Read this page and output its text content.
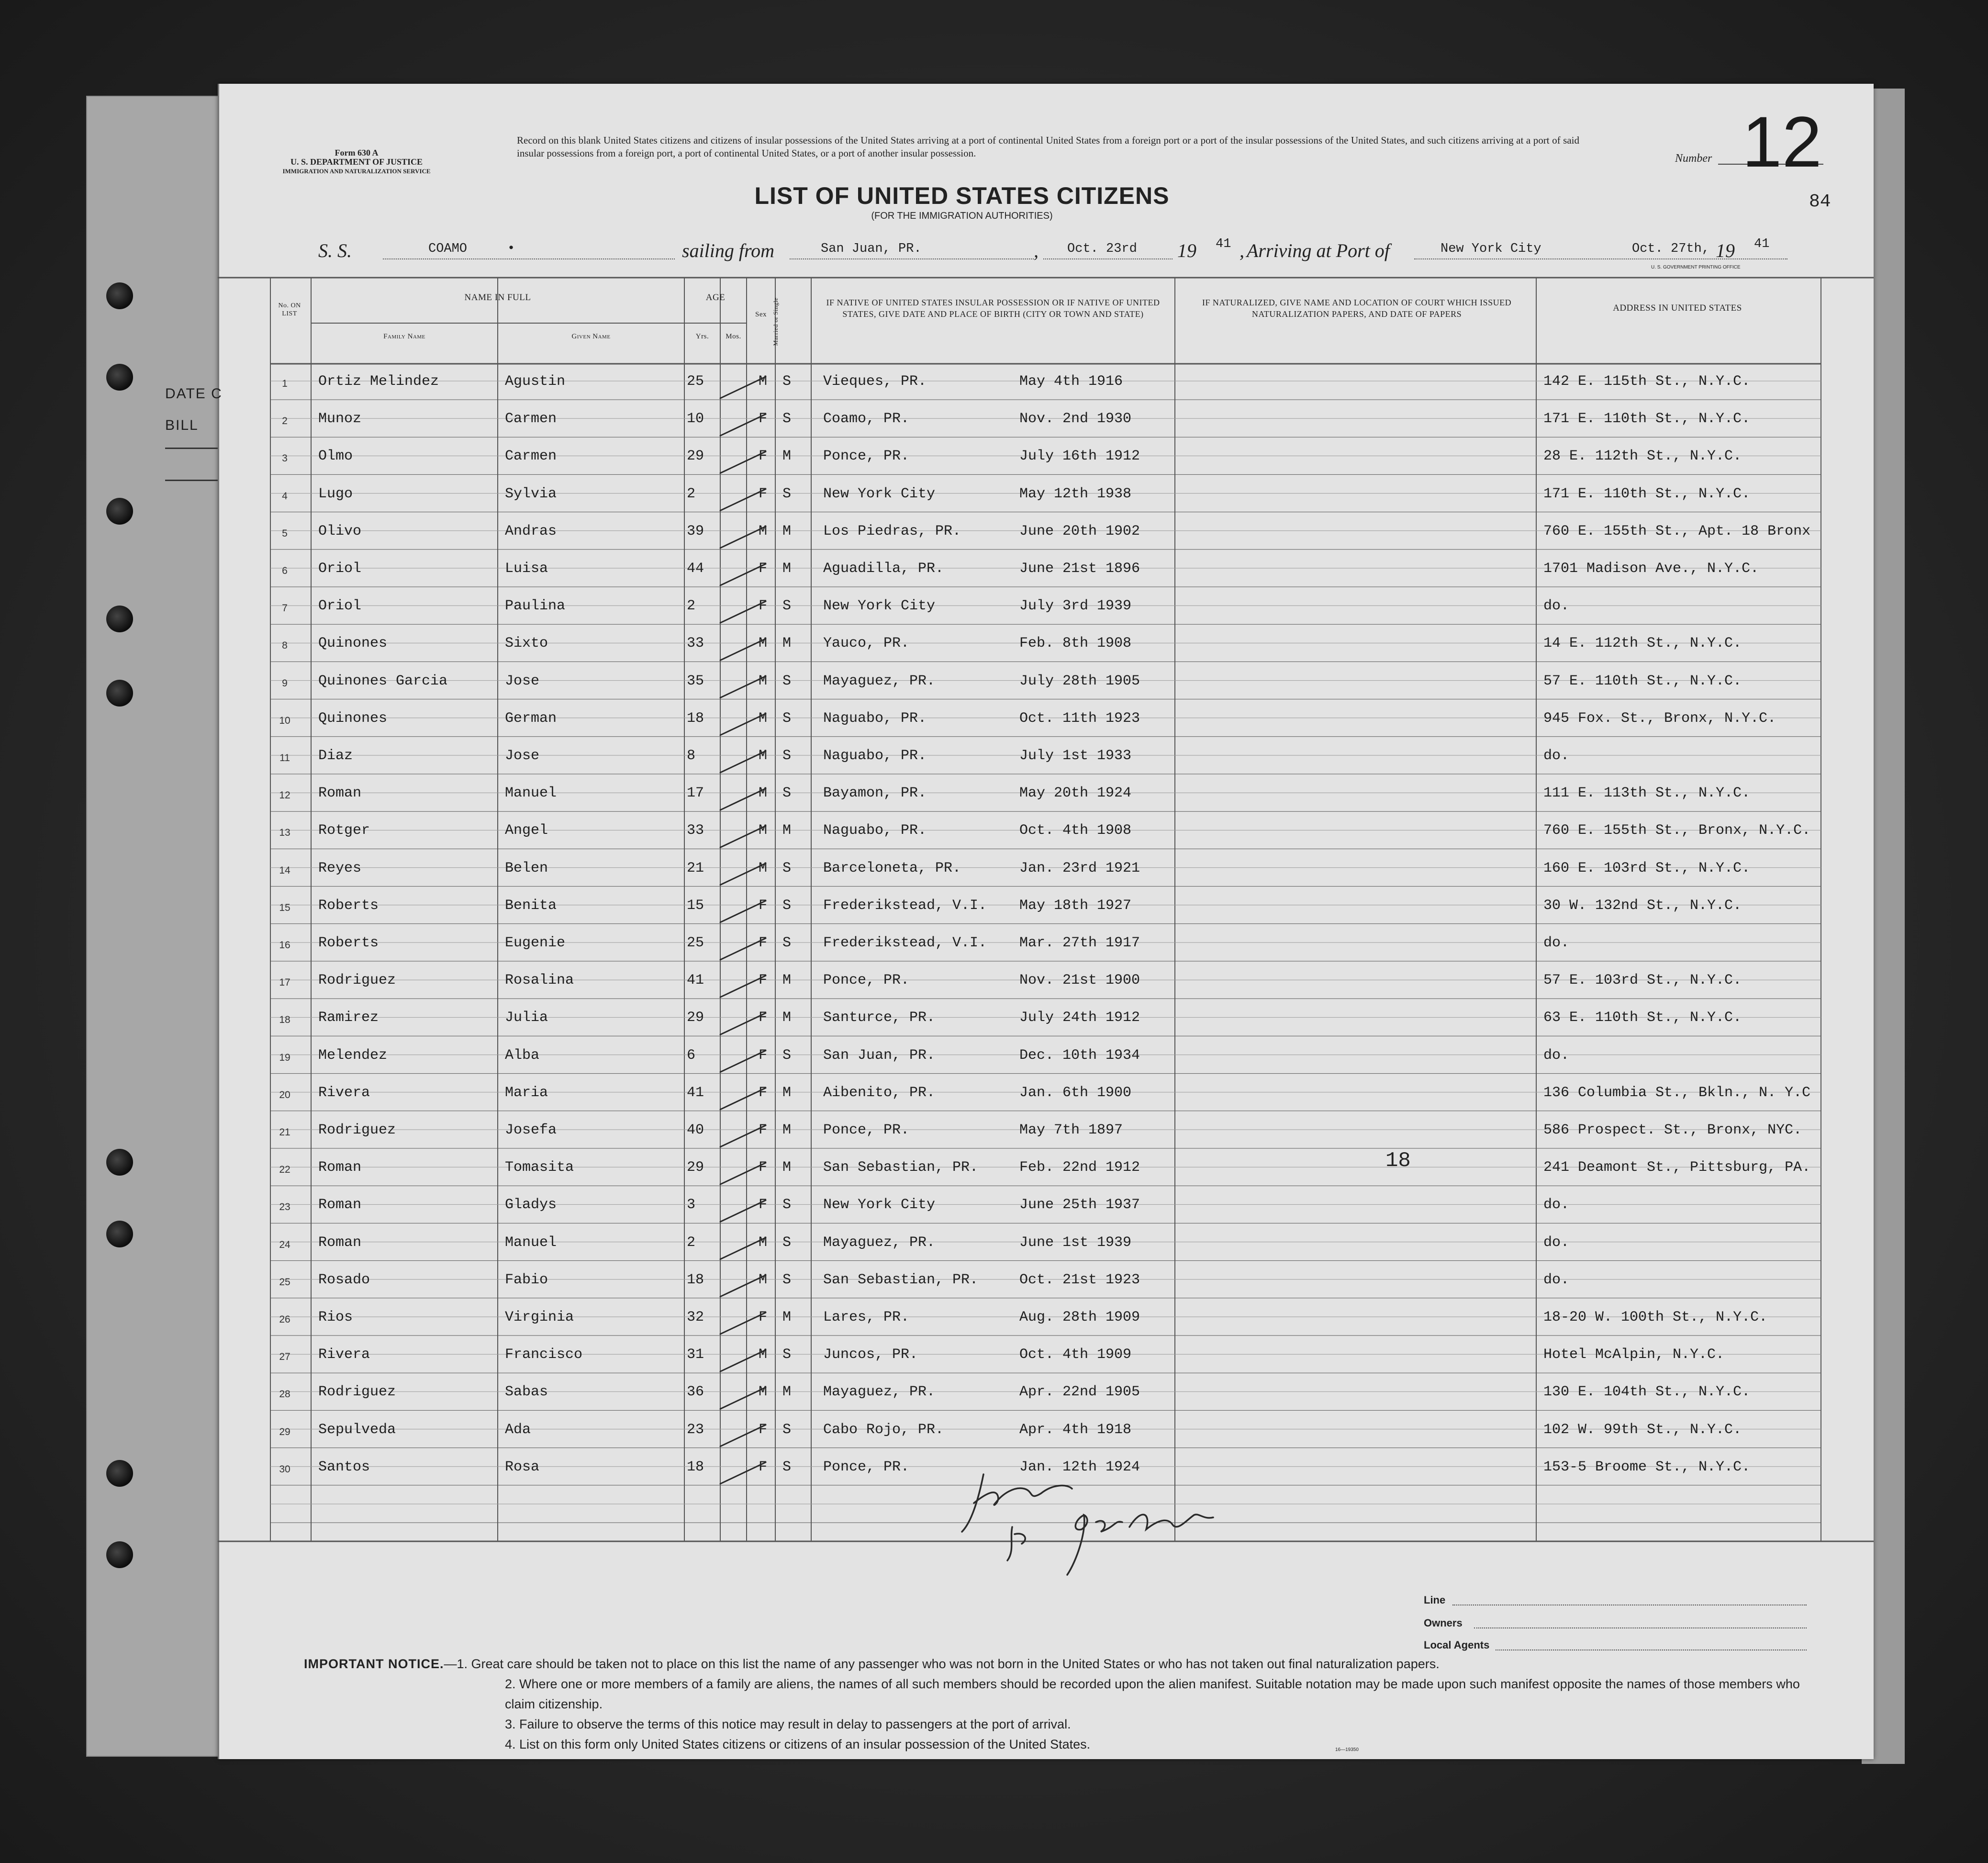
DATE C
BILL
Form 630 A
U. S. DEPARTMENT OF JUSTICE
IMMIGRATION AND NATURALIZATION SERVICE
Record on this blank United States citizens and citizens of insular possessions of the United States arriving at a port of continental United States from a foreign port or a port of the insular possessions of the United States, and such citizens arriving at a port of said insular possessions from a foreign port, a port of continental United States, or a port of another insular possession.	Number 12
84
LIST OF UNITED STATES CITIZENS
(FOR THE IMMIGRATION AUTHORITIES)
S. S.	COAMO	•	sailing from	San Juan, PR.	, Oct. 23rd 19 41 , Arriving at Port of	New York City	Oct. 27th, 19 41
U. S. GOVERNMENT PRINTING OFFICE
No. ON LIST
NAME IN FULL
Family Name	Given Name
AGE
Yrs.	Mos.
Sex Married or Single	IF NATIVE OF UNITED STATES INSULAR POSSESSION OR IF NATIVE OF UNITED STATES, GIVE DATE AND PLACE OF BIRTH (CITY OR TOWN AND STATE)
IF NATURALIZED, GIVE NAME AND LOCATION OF COURT WHICH ISSUED NATURALIZATION PAPERS, AND DATE OF PAPERS
ADDRESS IN UNITED STATES
1	Ortiz Melindez	Agustin	25	M S Vieques, PR.	May 4th 1916	142 E. 115th St., N.Y.C.
2	Munoz	Carmen	10	F S Coamo, PR.	Nov. 2nd 1930	171 E. 110th St., N.Y.C.
3	Olmo	Carmen	29	F M Ponce, PR.	July 16th 1912	28 E. 112th St., N.Y.C.
4	Lugo	Sylvia	2	F S New York City	May 12th 1938	171 E. 110th St., N.Y.C.
5	Olivo	Andras	39	M M Los Piedras, PR.	June 20th 1902	760 E. 155th St., Apt. 18 Bronx
6	Oriol	Luisa	44	F M Aguadilla, PR.	June 21st 1896	1701 Madison Ave., N.Y.C.
7	Oriol	Paulina	2	F S New York City	July 3rd 1939	do.
8	Quinones	Sixto	33	M M Yauco, PR.	Feb. 8th 1908	14 E. 112th St., N.Y.C.
9	Quinones Garcia	Jose	35	M S Mayaguez, PR.	July 28th 1905	57 E. 110th St., N.Y.C.
10 Quinones	German	18	M S Naguabo, PR.	Oct. 11th 1923	945 Fox. St., Bronx, N.Y.C.
11	Diaz	Jose	8	M S Naguabo, PR.	July 1st 1933	do.
12 Roman	Manuel	17	M S Bayamon, PR.	May 20th 1924	111 E. 113th St., N.Y.C.
13 Rotger	Angel	33	M M Naguabo, PR.	Oct. 4th 1908	760 E. 155th St., Bronx, N.Y.C.
14 Reyes	Belen	21	M S Barceloneta, PR.	Jan. 23rd 1921	160 E. 103rd St., N.Y.C.
15 Roberts	Benita	15	F S Frederikstead, V.I. May 18th 1927	30 W. 132nd St., N.Y.C.
16 Roberts	Eugenie	25	F S Frederikstead, V.I. Mar. 27th 1917	do.
17 Rodriguez	Rosalina	41	F M Ponce, PR.	Nov. 21st 1900	57 E. 103rd St., N.Y.C.
18 Ramirez	Julia	29	F M Santurce, PR.	July 24th 1912	63 E. 110th St., N.Y.C.
19 Melendez	Alba	6	F S San Juan, PR.	Dec. 10th 1934	do.
20 Rivera	Maria	41	F M Aibenito, PR.	Jan. 6th 1900	136 Columbia St., Bkln., N. Y.C
21 Rodriguez	Josefa	40	F M Ponce, PR.	May 7th 1897	586 Prospect. St., Bronx, NYC.
22 Roman	Tomasita	29	F M San Sebastian, PR.	Feb. 22nd 1912	241 Deamont St., Pittsburg, PA.
23 Roman	Gladys	3	F S New York City	June 25th 1937	do.
24 Roman	Manuel	2	M S Mayaguez, PR.	June 1st 1939	do.
25 Rosado	Fabio	18	M S San Sebastian, PR.	Oct. 21st 1923	do.
26 Rios	Virginia	32	F M Lares, PR.	Aug. 28th 1909	18-20 W. 100th St., N.Y.C.
27 Rivera	Francisco	31	M S Juncos, PR.	Oct. 4th 1909	Hotel McAlpin, N.Y.C.
28 Rodriguez	Sabas	36	M M Mayaguez, PR.	Apr. 22nd 1905	130 E. 104th St., N.Y.C.
29 Sepulveda	Ada	23	F S Cabo Rojo, PR.	Apr. 4th 1918	102 W. 99th St., N.Y.C.
30 Santos	Rosa	18	F S Ponce, PR.	Jan. 12th 1924	153-5 Broome St., N.Y.C.
18
Line
Owners
Local Agents
IMPORTANT NOTICE.—1. Great care should be taken not to place on this list the name of any passenger who was not born in the United States or who has not taken out final naturalization papers.
2. Where one or more members of a family are aliens, the names of all such members should be recorded upon the alien manifest. Suitable notation may be made upon such manifest opposite the names of those members who claim citizenship.
3. Failure to observe the terms of this notice may result in delay to passengers at the port of arrival.
4. List on this form only United States citizens or citizens of an insular possession of the United States.	16—19350
